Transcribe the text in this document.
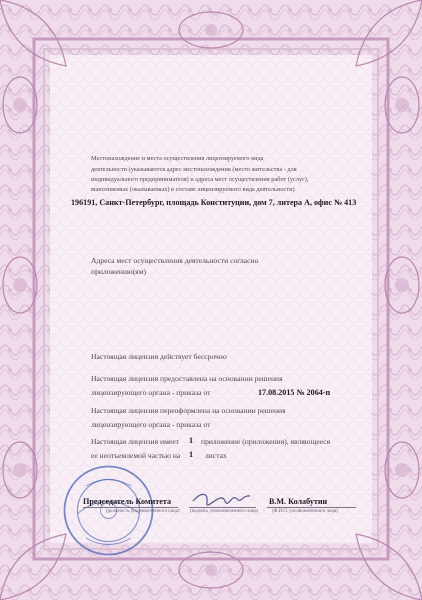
Местонахождение и места осуществления лицензируемого вида
деятельности (указываются адрес местонахождения (место жительства - для
индивидуального предпринимателя) и адреса мест осуществления работ (услуг),
выполняемых (оказываемых) в составе лицензируемого вида деятельности)
196191, Санкт-Петербург, площадь Конституции, дом 7, литера А, офис № 413
Адреса мест осуществления деятельности согласно
приложению(ям)
Настоящая лицензия действует бессрочно
Настоящая лицензия предоставлена на основании решения
лицензирующего органа - приказа от	17.08.2015 № 2064-п
Настоящая лицензия переоформлена на основании решения
лицензирующего органа - приказа от
Настоящая лицензия имеет 1 приложение (приложения), являющееся
ее неотъемлемой частью на 1 листах
Председатель Комитета
(должность уполномоченного лица) (подпись уполномоченного лица)
В.М. Колабутин
(Ф.И.О. уполномоченного лица)
